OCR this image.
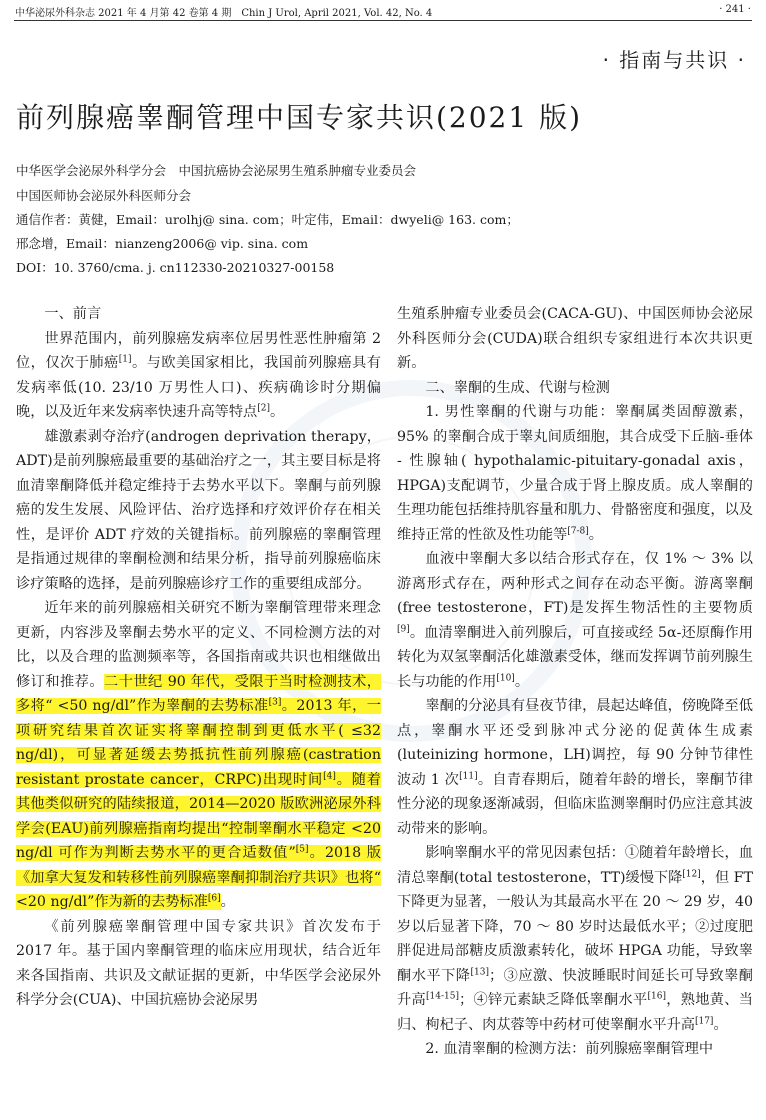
中华泌尿外科杂志 2021 年 4 月第 42 卷第 4 期　Chin J Urol, April 2021, Vol. 42, No. 4	· 241 ·
· 指南与共识 ·
前列腺癌睾酮管理中国专家共识(2021 版)
中华医学会泌尿外科学分会　中国抗癌协会泌尿男生殖系肿瘤专业委员会
中国医师协会泌尿外科医师分会
通信作者：黄健，Email：urolhj@ sina. com；叶定伟，Email：dwyeli@ 163. com；
邢念增，Email：nianzeng2006@ vip. sina. com
DOI：10. 3760/cma. j. cn112330-20210327-00158

一、前言

世界范围内，前列腺癌发病率位居男性恶性肿瘤第 2 位，仅次于肺癌[1]。与欧美国家相比，我国前列腺癌具有发病率低(10. 23/10 万男性人口)、疾病确诊时分期偏晚，以及近年来发病率快速升高等特点[2]。

雄激素剥夺治疗(androgen deprivation therapy，ADT)是前列腺癌最重要的基础治疗之一，其主要目标是将血清睾酮降低并稳定维持于去势水平以下。睾酮与前列腺癌的发生发展、风险评估、治疗选择和疗效评价存在相关性，是评价 ADT 疗效的关键指标。前列腺癌的睾酮管理是指通过规律的睾酮检测和结果分析，指导前列腺癌临床诊疗策略的选择，是前列腺癌诊疗工作的重要组成部分。

近年来的前列腺癌相关研究不断为睾酮管理带来理念更新，内容涉及睾酮去势水平的定义、不同检测方法的对比，以及合理的监测频率等，各国指南或共识也相继做出修订和推荐。二十世纪 90 年代，受限于当时检测技术，多将“ <50 ng/dl”作为睾酮的去势标准[3]。2013 年，一项研究结果首次证实将睾酮控制到更低水平( ≤32 ng/dl)，可显著延缓去势抵抗性前列腺癌(castration resistant prostate cancer，CRPC)出现时间[4]。随着其他类似研究的陆续报道，2014—2020 版欧洲泌尿外科学会(EAU)前列腺癌指南均提出“控制睾酮水平稳定 <20 ng/dl 可作为判断去势水平的更合适数值”[5]。2018 版《加拿大复发和转移性前列腺癌睾酮抑制治疗共识》也将“ <20 ng/dl”作为新的去势标准[6]。

《前列腺癌睾酮管理中国专家共识》首次发布于 2017 年。基于国内睾酮管理的临床应用现状，结合近年来各国指南、共识及文献证据的更新，中华医学会泌尿外科学分会(CUA)、中国抗癌协会泌尿男

生殖系肿瘤专业委员会(CACA-GU)、中国医师协会泌尿外科医师分会(CUDA)联合组织专家组进行本次共识更新。

二、睾酮的生成、代谢与检测

1. 男性睾酮的代谢与功能：睾酮属类固醇激素，95% 的睾酮合成于睾丸间质细胞，其合成受下丘脑-垂体 - 性腺轴( hypothalamic-pituitary-gonadal axis，HPGA)支配调节，少量合成于肾上腺皮质。成人睾酮的生理功能包括维持肌容量和肌力、骨骼密度和强度，以及维持正常的性欲及性功能等[7-8]。

血液中睾酮大多以结合形式存在，仅 1% ～ 3% 以游离形式存在，两种形式之间存在动态平衡。游离睾酮(free testosterone，FT)是发挥生物活性的主要物质[9]。血清睾酮进入前列腺后，可直接或经 5α-还原酶作用转化为双氢睾酮活化雄激素受体，继而发挥调节前列腺生长与功能的作用[10]。

睾酮的分泌具有昼夜节律，晨起达峰值，傍晚降至低点，睾酮水平还受到脉冲式分泌的促黄体生成素(luteinizing hormone，LH)调控，每 90 分钟节律性波动 1 次[11]。自青春期后，随着年龄的增长，睾酮节律性分泌的现象逐渐减弱，但临床监测睾酮时仍应注意其波动带来的影响。

影响睾酮水平的常见因素包括：①随着年龄增长，血清总睾酮(total testosterone，TT)缓慢下降[12]，但 FT 下降更为显著，一般认为其最高水平在 20 ～ 29 岁，40 岁以后显著下降，70 ～ 80 岁时达最低水平；②过度肥胖促进局部糖皮质激素转化，破坏 HPGA 功能，导致睾酮水平下降[13]；③应激、快波睡眠时间延长可导致睾酮升高[14-15]；④锌元素缺乏降低睾酮水平[16]，熟地黄、当归、枸杞子、肉苁蓉等中药材可使睾酮水平升高[17]。

2. 血清睾酮的检测方法：前列腺癌睾酮管理中
